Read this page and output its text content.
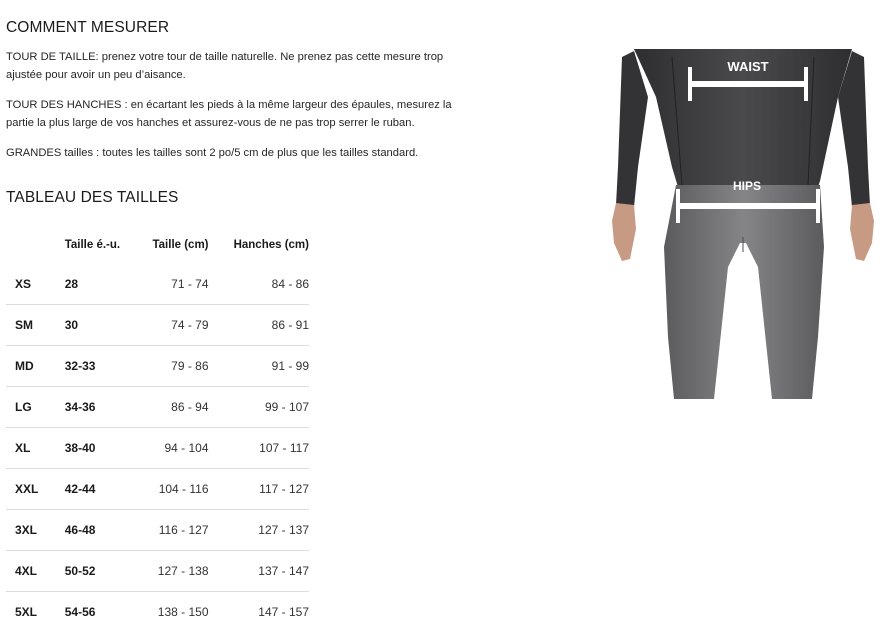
COMMENT MESURER

TOUR DE TAILLE: prenez votre tour de taille naturelle. Ne prenez pas cette mesure trop ajustée pour avoir un peu d’aisance.

TOUR DES HANCHES : en écartant les pieds à la même largeur des épaules, mesurez la partie la plus large de vos hanches et assurez-vous de ne pas trop serrer le ruban.

GRANDES tailles : toutes les tailles sont 2 po/5 cm de plus que les tailles standard.

TABLEAU DES TAILLES
	Taille é.-u.	Taille (cm)	Hanches (cm)
XS	28	71 - 74	84 - 86
SM	30	74 - 79	86 - 91
MD	32-33	79 - 86	91 - 99
LG	34-36	86 - 94	99 - 107
XL	38-40	94 - 104	107 - 117
XXL	42-44	104 - 116	117 - 127
3XL	46-48	116 - 127	127 - 137
4XL	50-52	127 - 138	137 - 147
5XL	54-56	138 - 150	147 - 157
WAIST
HIPS
